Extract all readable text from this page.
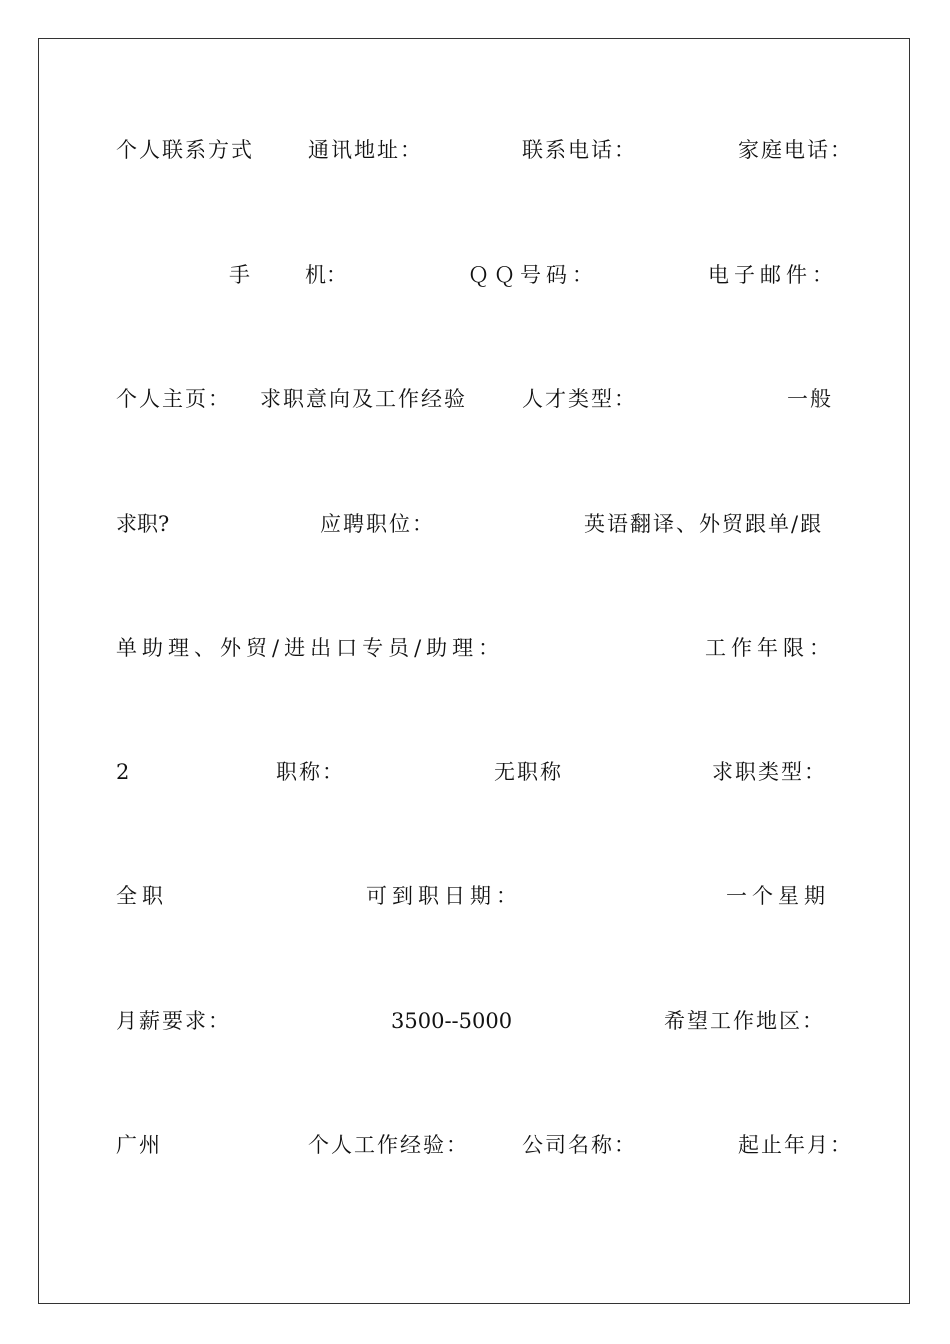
个人联系方式	通讯地址：	联系电话：	家庭电话：
手	机：	ＱＱ号码：	电子邮件：
个人主页： 求职意向及工作经验	人才类型：	一般
求职?	应聘职位：	英语翻译、外贸跟单/跟
单助理、外贸/进出口专员/助理：	工作年限：
2	职称：	无职称	求职类型：
全职	可到职日期：	一个星期
月薪要求：	3500--5000	希望工作地区：
广州	个人工作经验：	公司名称：	起止年月：
